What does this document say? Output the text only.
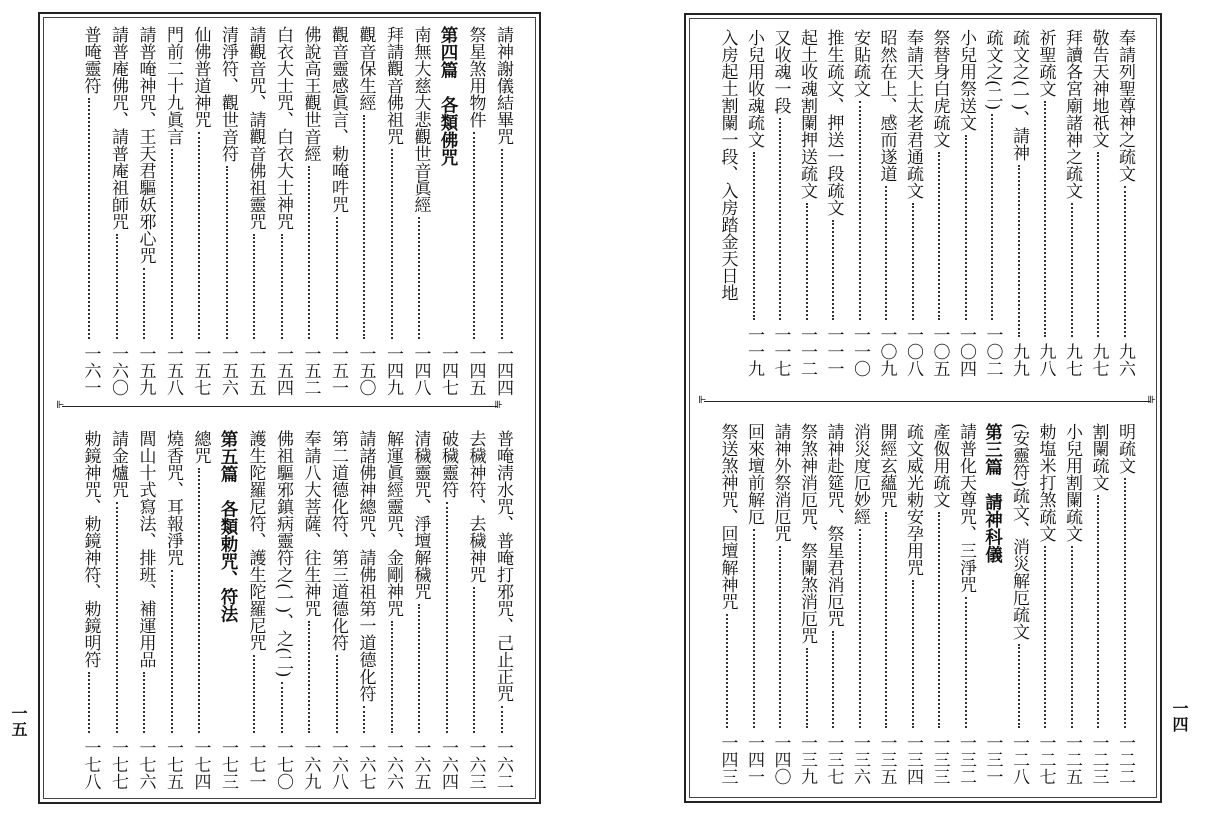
請神謝儀結畢咒
一四四
祭星煞用物件
一四五
第四篇　各類佛咒
一四七
南無大慈大悲觀世音眞經
一四八
拜請觀音佛祖咒
一四九
觀音保生經
一五〇
觀音靈感眞言、勅唵吽咒
一五一
佛說高王觀世音經
一五二
白衣大士咒、白衣大士神咒
一五四
請觀音咒、請觀音佛祖靈咒
一五五
清淨符、觀世音符
一五六
仙佛普道神咒
一五七
門前二十九眞言
一五八
請普唵神咒、王天君驅妖邪心咒
一五九
請普庵佛咒、請普庵祖師咒
一六〇
普唵靈符
一六一
⊩	⊪
普唵淸水咒、普唵打邪咒、己止正咒
一六二
去穢神符、去穢神咒
一六三
破穢靈符
一六四
清穢靈咒、淨壇解穢咒
一六五
解運眞經靈咒、金剛神咒
一六六
請諸佛神總咒、請佛祖第一道德化符
一六七
第二道德化符、第三道德化符
一六八
奉請八大菩薩、往生神咒
一六九
佛祖驅邪鎮病靈符之(一)、之(二)
一七〇
護生陀羅尼符、護生陀羅尼咒
一七一
第五篇　各類勅咒、符法
一七三
總咒
一七四
燒香咒、耳報淨咒
一七五
閭山十式寫法、排班、補運用品
一七六
請金爐咒
一七七
勅鏡神咒、勅鏡神符、勅鏡明符
一七八
一五
奉請列聖尊神之疏文
九六
敬告天神地祇文
九七
拜讀各宮廟諸神之疏文
九七
祈聖疏文
九八
疏文之(一)、請神
九九
疏文之(二)
一〇二
小兒用祭送文
一〇四
祭替身白虎疏文
一〇五
奉請天上太老君通疏文
一〇八
昭然在上、感而遂道
一〇九
安貼疏文
一一〇
推生疏文、押送一段疏文
一一一
起土收魂割闌押送疏文
一一二
又收魂一段
一一七
小兒用收魂疏文
一一九
入房起土割闌一段、入房踏金天日地
⊩	⊪
明疏文
一二二
割闌疏文
一二三
小兒用割闌疏文
一二五
勅塩米打煞疏文
一二七
(安靈符)疏文、消災解厄疏文
一二八
第三篇　請神科儀
一三一
請普化天尊咒、三淨咒
一三二
產伮用疏文
一三三
疏文威光勅安孕用咒
一三四
開經玄蘊咒
一三五
消災度厄妙經
一三六
請神赴筵咒、祭星君消厄咒
一三七
祭煞神消厄咒、祭闌煞消厄咒
一三九
請神外祭消厄咒
一四〇
回來壇前解厄
一四一
祭送煞神咒、回壇解神咒
一四三
一四
